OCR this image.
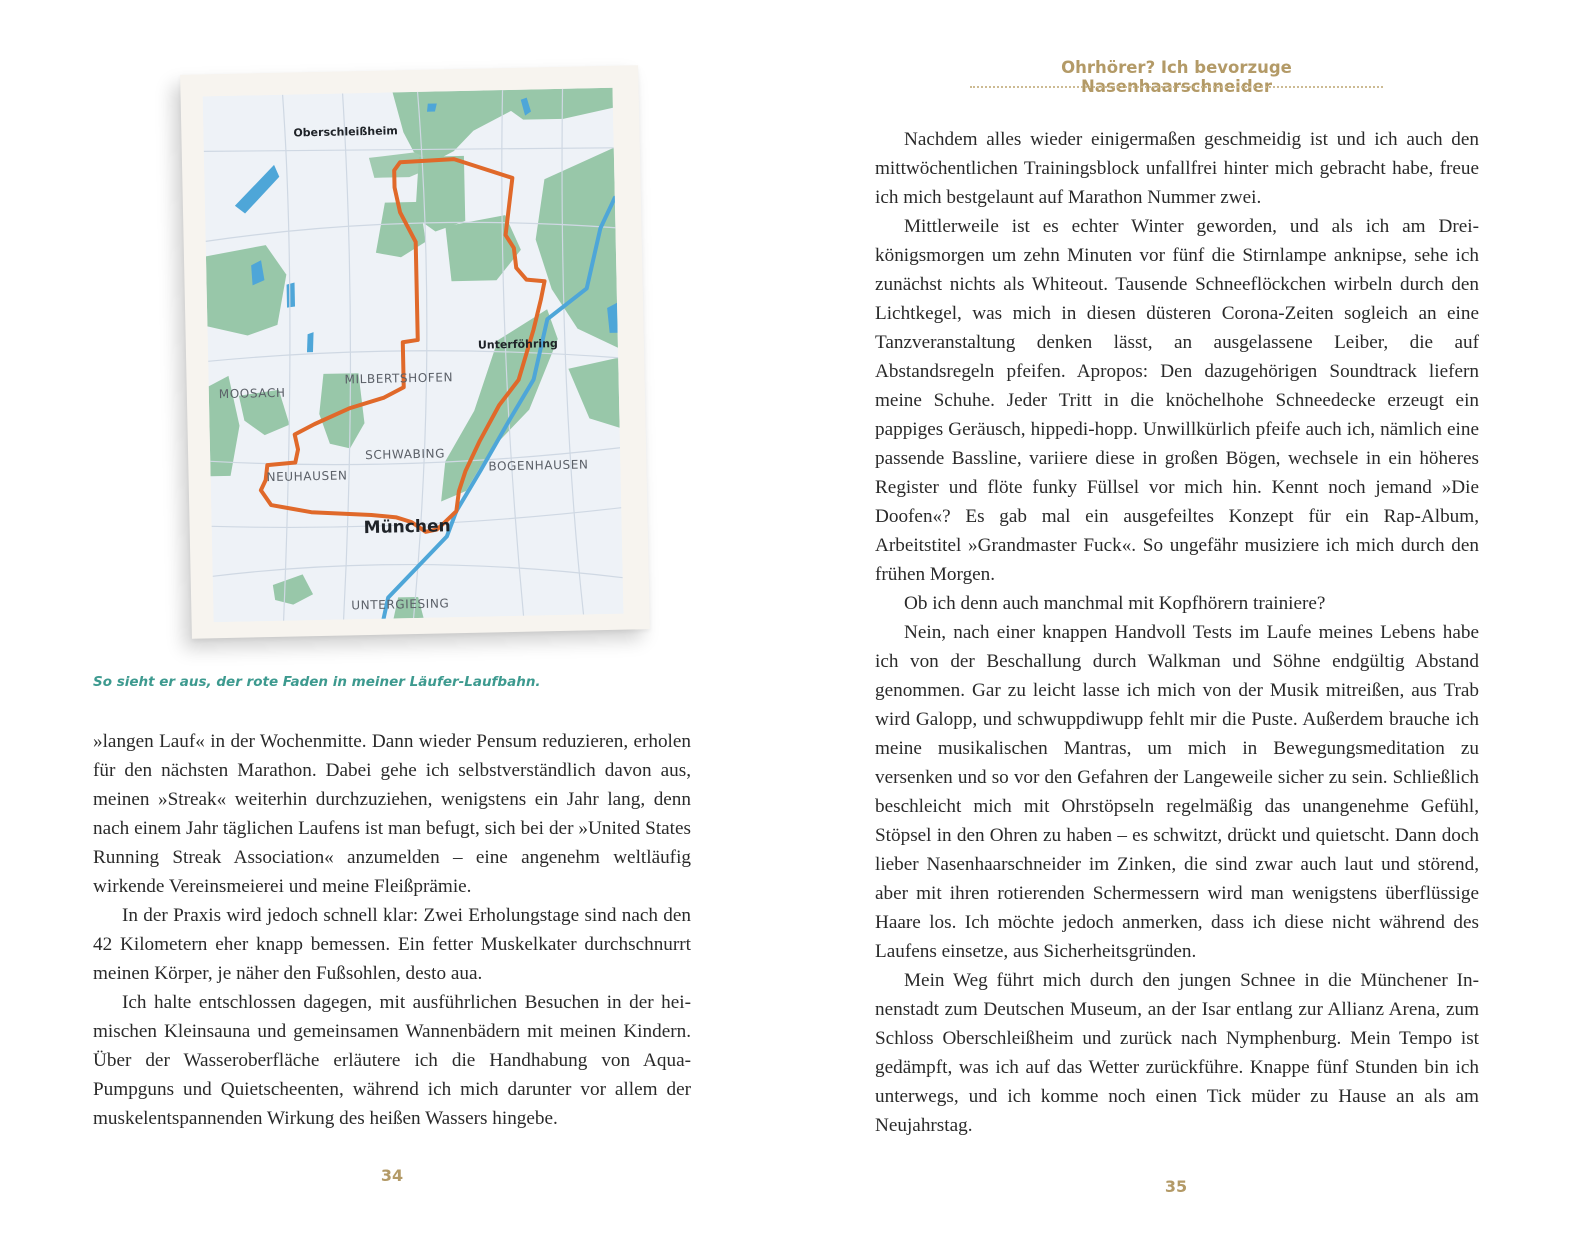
Oberschleißheim
Unterföhring
MILBERTSHOFEN
MOOSACH
SCHWABING
NEUHAUSEN
BOGENHAUSEN
München
UNTERGIESING
So sieht er aus, der rote Faden in meiner Läufer-Laufbahn.

»langen Lauf« in der Wochenmitte. Dann wieder Pensum reduzieren, erholen für den nächsten Marathon. Dabei gehe ich selbstverständlich davon aus, meinen »Streak« weiterhin durchzuziehen, wenigstens ein Jahr lang, denn nach einem Jahr täglichen Laufens ist man befugt, sich bei der »United States Running Streak Association« anzumelden – eine angenehm weltläufig wirkende Vereinsmeierei und meine Fleißprämie.

In der Praxis wird jedoch schnell klar: Zwei Erholungstage sind nach den 42 Kilometern eher knapp bemessen. Ein fetter Muskelkater durchschnurrt meinen Körper, je näher den Fußsohlen, desto aua.

Ich halte entschlossen dagegen, mit ausführlichen Besuchen in der heimischen Kleinsauna und gemeinsamen Wannenbädern mit meinen Kindern. Über der Wasseroberfläche erläutere ich die Handhabung von Aqua-Pumpguns und Quietscheenten, während ich mich darunter vor allem der muskelentspannenden Wirkung des heißen Wassers hingebe.

34
Ohrhörer? Ich bevorzuge Nasenhaarschneider

Nachdem alles wieder einigermaßen geschmeidig ist und ich auch den mittwöchentlichen Trainingsblock unfallfrei hinter mich gebracht habe, freue ich mich bestgelaunt auf Marathon Nummer zwei.

Mittlerweile ist es echter Winter geworden, und als ich am Dreikönigsmorgen um zehn Minuten vor fünf die Stirnlampe anknipse, sehe ich zunächst nichts als Whiteout. Tausende Schneeflöckchen wirbeln durch den Lichtkegel, was mich in diesen düsteren Corona-Zeiten sogleich an eine Tanzveranstaltung denken lässt, an ausgelassene Leiber, die auf Abstandsregeln pfeifen. Apropos: Den dazugehörigen Soundtrack liefern meine Schuhe. Jeder Tritt in die knöchelhohe Schneedecke erzeugt ein pappiges Geräusch, hippedi-hopp. Unwillkürlich pfeife auch ich, nämlich eine passende Bassline, variiere diese in großen Bögen, wechsele in ein höheres Register und flöte funky Füllsel vor mich hin. Kennt noch jemand »Die Doofen«? Es gab mal ein ausgefeiltes Konzept für ein Rap-Album, Arbeitstitel »Grandmaster Fuck«. So ungefähr musiziere ich mich durch den frühen Morgen.

Ob ich denn auch manchmal mit Kopfhörern trainiere?

Nein, nach einer knappen Handvoll Tests im Laufe meines Lebens habe ich von der Beschallung durch Walkman und Söhne endgültig Abstand genommen. Gar zu leicht lasse ich mich von der Musik mitreißen, aus Trab wird Galopp, und schwuppdiwupp fehlt mir die Puste. Außerdem brauche ich meine musikalischen Mantras, um mich in Bewegungsmeditation zu versenken und so vor den Gefahren der Langeweile sicher zu sein. Schließlich beschleicht mich mit Ohrstöpseln regelmäßig das unangenehme Gefühl, Stöpsel in den Ohren zu haben – es schwitzt, drückt und quietscht. Dann doch lieber Nasenhaarschneider im Zinken, die sind zwar auch laut und störend, aber mit ihren rotierenden Schermessern wird man wenigstens überflüssige Haare los. Ich möchte jedoch anmerken, dass ich diese nicht während des Laufens einsetze, aus Sicherheitsgründen.

Mein Weg führt mich durch den jungen Schnee in die Münchener Innenstadt zum Deutschen Museum, an der Isar entlang zur Allianz Arena, zum Schloss Oberschleißheim und zurück nach Nymphenburg. Mein Tempo ist gedämpft, was ich auf das Wetter zurückführe. Knappe fünf Stunden bin ich unterwegs, und ich komme noch einen Tick müder zu Hause an als am Neujahrstag.

35
